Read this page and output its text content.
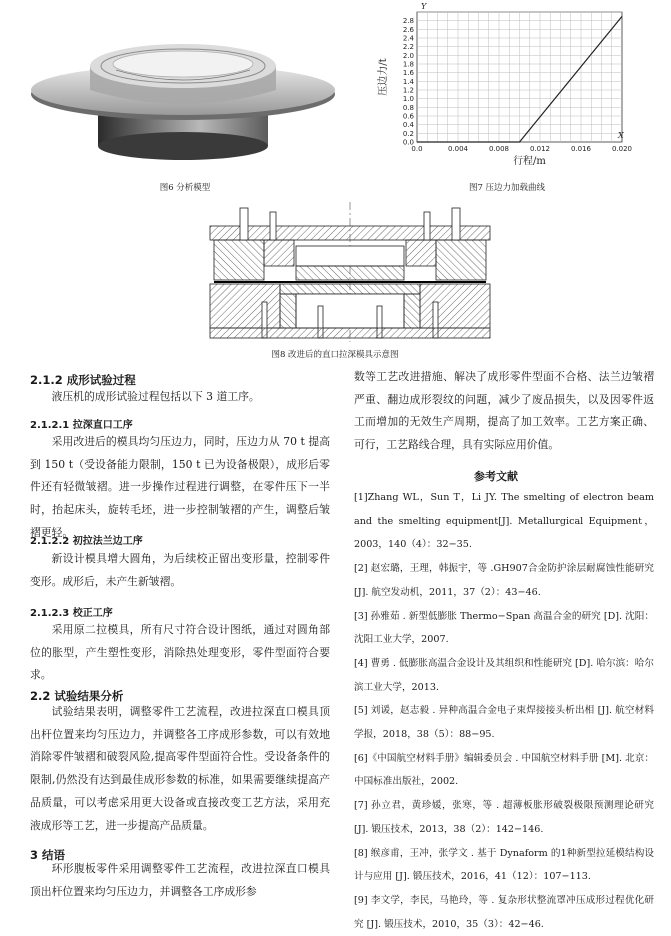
图6 分析模型
0.0
0.2
0.4
0.6
0.8
1.0
1.2
1.4
1.6
1.8
2.0
2.2
2.4
2.6
2.8
0.0	0.004	0.008	0.012	0.016	0.020
Y
X
行程/m
压边力/t
图7 压边力加载曲线
图8 改进后的直口拉深模具示意图
2.1.2 成形试验过程

液压机的成形试验过程包括以下 3 道工序。

2.1.2.1 拉深直口工序

采用改进后的模具均匀压边力，同时，压边力从 70 t 提高到 150 t（受设备能力限制，150 t 已为设备极限），成形后零件还有轻微皱褶。进一步操作过程进行调整，在零件压下一半时，抬起床头，旋转毛坯，进一步控制皱褶的产生，调整后皱褶更轻。

2.1.2.2 初拉法兰边工序

新设计模具增大圆角，为后续校正留出变形量，控制零件变形。成形后，未产生新皱褶。

2.1.2.3 校正工序

采用原二拉模具，所有尺寸符合设计图纸，通过对圆角部位的胀型，产生塑性变形，消除热处理变形，零件型面符合要求。

2.2 试验结果分析

试验结果表明，调整零件工艺流程，改进拉深直口模具顶出杆位置来均匀压边力，并调整各工序成形参数，可以有效地消除零件皱褶和破裂风险,提高零件型面符合性。受设备条件的限制,仍然没有达到最佳成形参数的标准，如果需要继续提高产品质量，可以考虑采用更大设备或直接改变工艺方法，采用充液成形等工艺，进一步提高产品质量。

3 结语

环形腹板零件采用调整零件工艺流程，改进拉深直口模具顶出杆位置来均匀压边力，并调整各工序成形参

数等工艺改进措施、解决了成形零件型面不合格、法兰边皱褶严重、翻边成形裂纹的问题，减少了废品损失，以及因零件返工而增加的无效生产周期，提高了加工效率。工艺方案正确、可行，工艺路线合理，具有实际应用价值。

参考文献
[1]Zhang WL，Sun T，Li JY. The smelting of electron beam and the smelting equipment[J]. Metallurgical Equipment，2003，140（4）：32−35.
[2] 赵宏璐，王理，韩振宇，等 .GH907合金防护涂层耐腐蚀性能研究[J]. 航空发动机，2011，37（2）：43−46.
[3] 孙雅茹 . 新型低膨胀 Thermo−Span 高温合金的研究 [D]. 沈阳：沈阳工业大学，2007.
[4] 曹勇 . 低膨胀高温合金设计及其组织和性能研究 [D]. 哈尔滨：哈尔滨工业大学，2013.
[5] 刘谖，赵志毅 . 异种高温合金电子束焊接接头析出相 [J]. 航空材料学报，2018，38（5）：88−95.
[6]《中国航空材料手册》编辑委员会 . 中国航空材料手册 [M]. 北京：中国标准出版社，2002.
[7] 孙立君，黄珍媛，张寒，等 . 超薄板胀形破裂极限预测理论研究 [J]. 锻压技术，2013，38（2）：142−146.
[8] 缑彦甫，王冲，张学文 . 基于 Dynaform 的1种新型拉延模结构设计与应用 [J]. 锻压技术，2016，41（12）：107−113.
[9] 李文学，李民，马艳玲，等 . 复杂形状整流罩冲压成形过程优化研究 [J]. 锻压技术，2010，35（3）：42−46.
